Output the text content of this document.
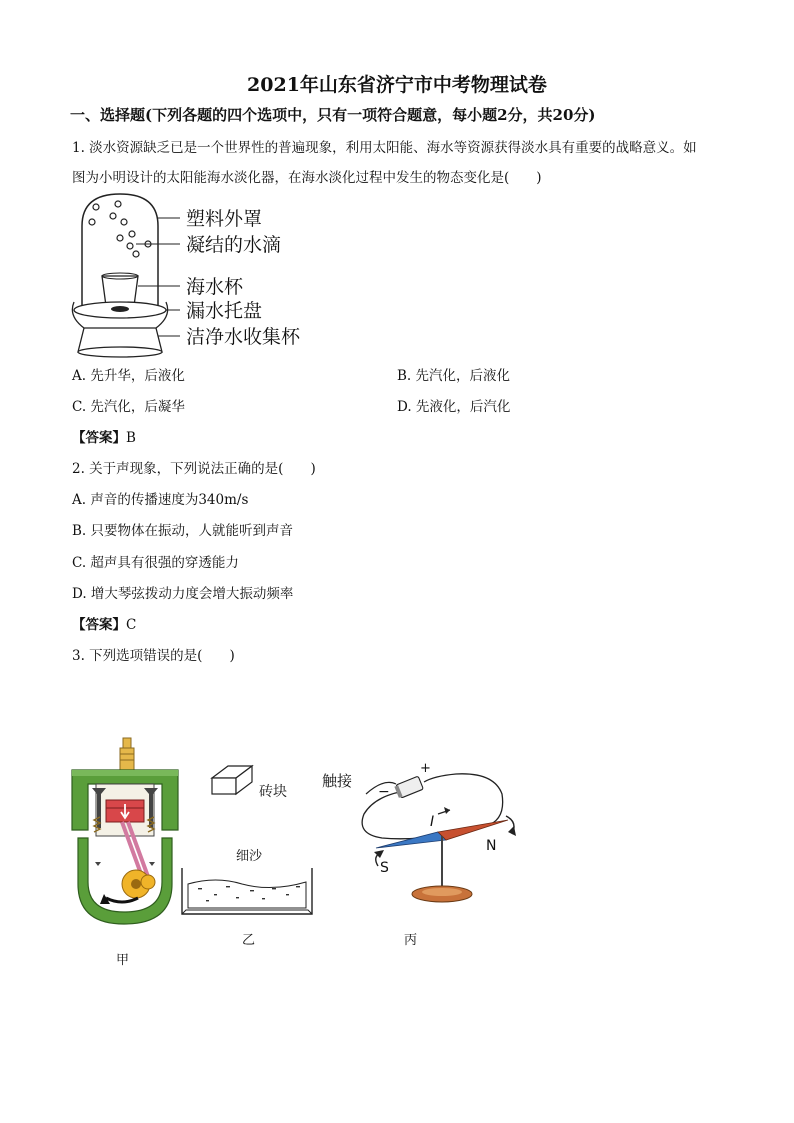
2021年山东省济宁市中考物理试卷
一、选择题(下列各题的四个选项中，只有一项符合题意，每小题2分，共20分)
1. 淡水资源缺乏已是一个世界性的普遍现象，利用太阳能、海水等资源获得淡水具有重要的战略意义。如
图为小明设计的太阳能海水淡化器，在海水淡化过程中发生的物态变化是(　　)
塑料外罩
凝结的水滴
海水杯
漏水托盘
洁净水收集杯
A. 先升华，后液化	B. 先汽化，后液化
C. 先汽化，后凝华	D. 先液化，后汽化
【答案】B
2. 关于声现象，下列说法正确的是(　　)
A. 声音的传播速度为340m/s
B. 只要物体在振动，人就能听到声音
C. 超声具有很强的穿透能力
D. 增大琴弦拨动力度会增大振动频率
【答案】C
3. 下列选项错误的是(　　)
甲
砖块
细沙
乙
触接
+
−
I
N
S
丙
